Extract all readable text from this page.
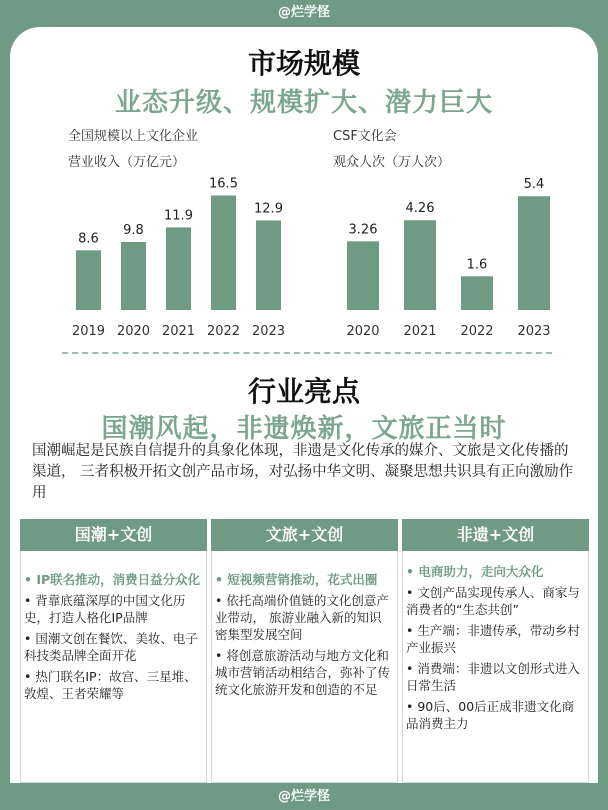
@烂学怪
市场规模
业态升级、规模扩大、潜力巨大
全国规模以上文化企业
营业收入（万亿元）
8.6
2019
9.8
2020
11.9
2021
16.5
2022
12.9
2023
CSF文化会
观众人次（万人次）
3.26
2020
4.26
2021
1.6
2022
5.4
2023
行业亮点
国潮风起，非遗焕新，文旅正当时
国潮崛起是民族自信提升的具象化体现，非遗是文化传承的媒介、文旅是文化传播的渠道， 三者积极开拓文创产品市场，对弘扬中华文明、凝聚思想共识具有正向激励作用
国潮+文创	文旅+文创	非遗+文创
• IP联名推动，消费日益分众化
• 背靠底蕴深厚的中国文化历史，打造人格化IP品牌
• 国潮文创在餐饮、美妆、电子科技类品牌全面开花
• 热门联名IP：故宫、三星堆、敦煌、王者荣耀等
• 短视频营销推动，花式出圈
• 依托高端价值链的文化创意产业带动， 旅游业融入新的知识密集型发展空间
• 将创意旅游活动与地方文化和城市营销活动相结合，弥补了传统文化旅游开发和创造的不足
• 电商助力，走向大众化
• 文创产品实现传承人、商家与消费者的“生态共创”
• 生产端：非遗传承，带动乡村产业振兴
• 消费端：非遗以文创形式进入日常生活
• 90后、00后正成非遗文化商品消费主力
@烂学怪
